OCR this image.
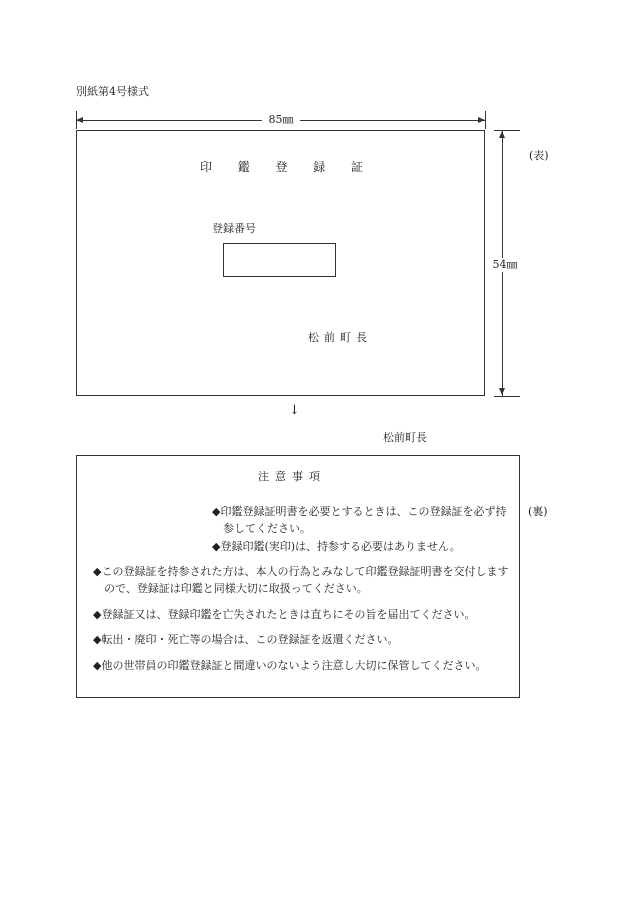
別紙第4号様式
85㎜
印 鑑 登 録 証
登録番号
松前町長
54㎜
(表)
↓
松前町長
注意事項
(裏)
◆印鑑登録証明書を必要とするときは、この登録証を必ず持参してください。
◆登録印鑑(実印)は、持参する必要はありません。
◆この登録証を持参された方は、本人の行為とみなして印鑑登録証明書を交付しますので、登録証は印鑑と同様大切に取扱ってください。
◆登録証又は、登録印鑑を亡失されたときは直ちにその旨を届出てください。
◆転出・廃印・死亡等の場合は、この登録証を返還ください。
◆他の世帯員の印鑑登録証と間違いのないよう注意し大切に保管してください。
